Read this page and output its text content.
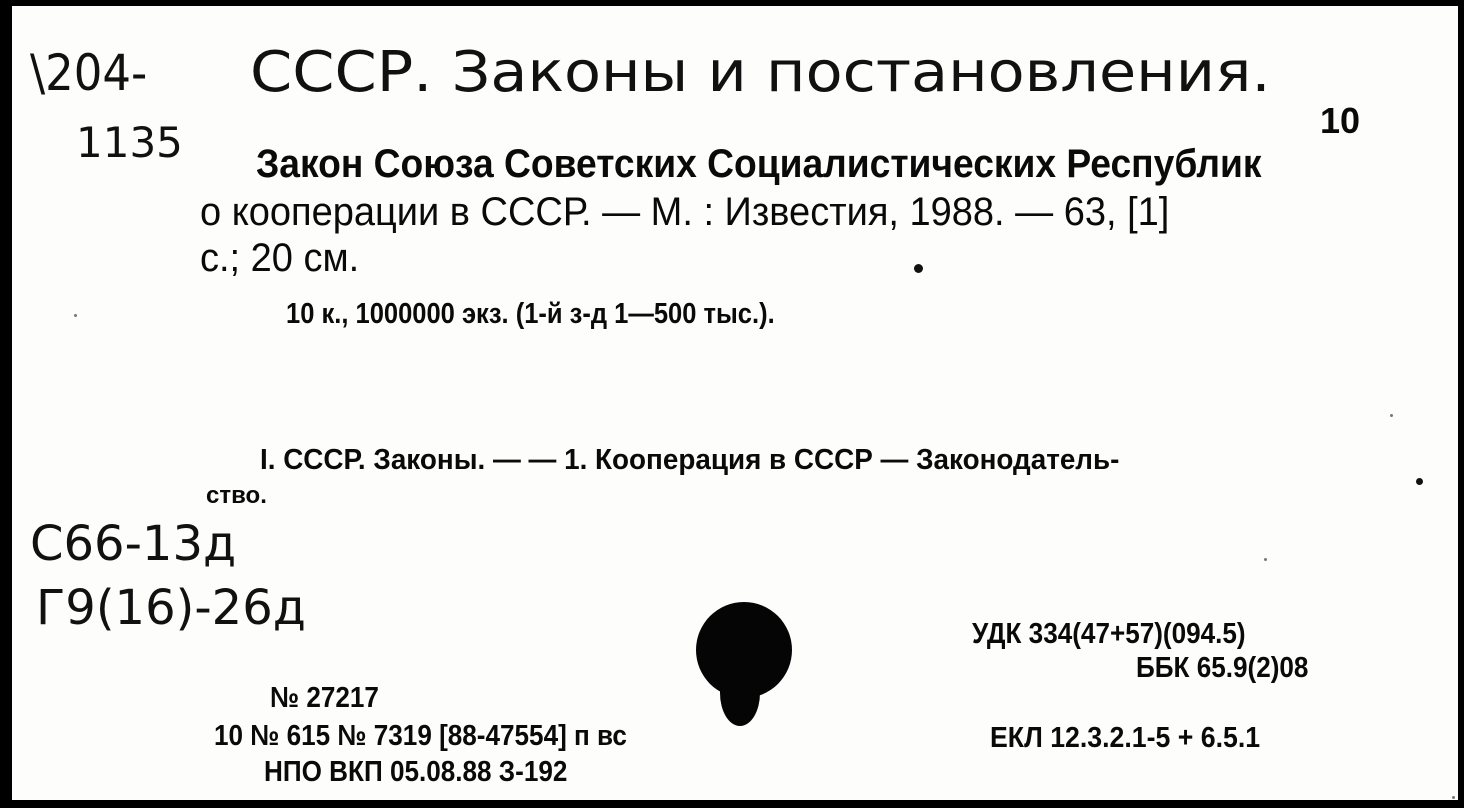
\204-
1135
СССР. Законы и постановления.
С66-13д
Г9(16)-26д
10
Закон Союза Советских Социалистических Республик
о кооперации в СССР. — М. : Известия, 1988. — 63, [1]
с.; 20 см.
10 к., 1000000 экз. (1-й з-д 1—500 тыс.).
I. СССР. Законы. — — 1. Кооперация в СССР — Законодатель-
ство.
УДК 334(47+57)(094.5)
ББК 65.9(2)08
ЕКЛ 12.3.2.1-5 + 6.5.1
№ 27217
10 № 615 № 7319 [88-47554] п вс
НПО ВКП 05.08.88 З-192
